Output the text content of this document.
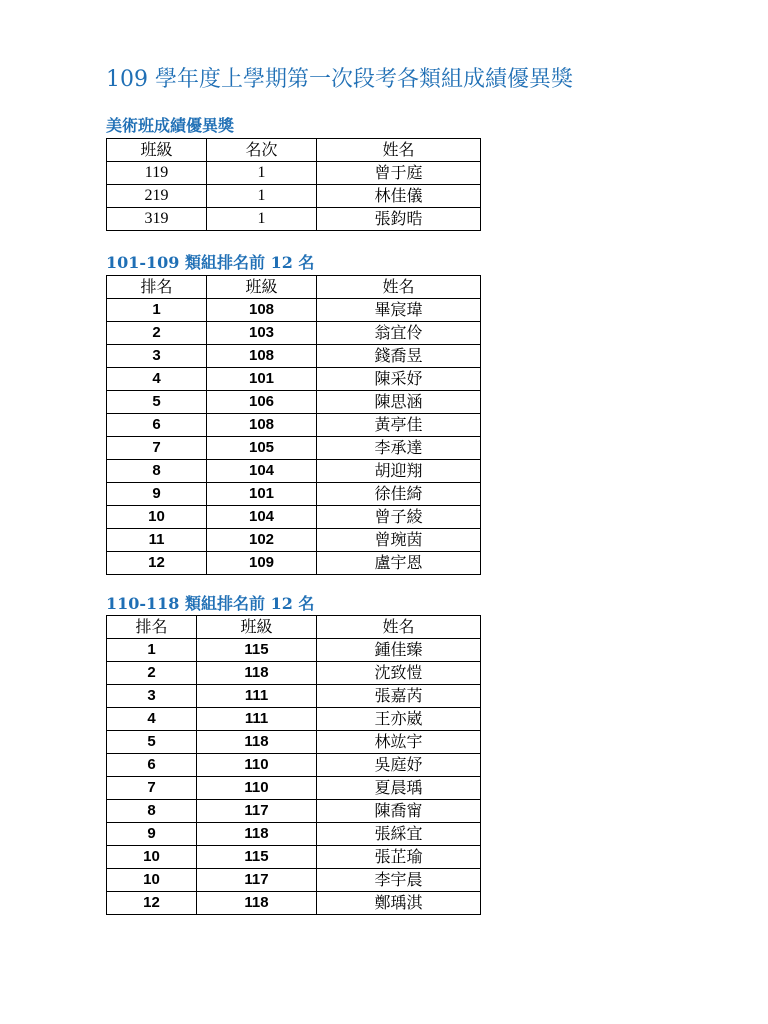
109 學年度上學期第一次段考各類組成績優異獎
美術班成績優異獎
班級	名次	姓名
119	1	曾于庭
219	1	林佳儀
319	1	張鈞晧
101-109 類組排名前 12 名
排名	班級	姓名
1	108	畢宸瑋
2	103	翁宜伶
3	108	錢喬昱
4	101	陳采妤
5	106	陳思涵
6	108	黃亭佳
7	105	李承達
8	104	胡迎翔
9	101	徐佳綺
10	104	曾子綾
11	102	曾琬茵
12	109	盧宇恩
110-118 類組排名前 12 名
排名	班級	姓名
1	115	鍾佳臻
2	118	沈致愷
3	111	張嘉芮
4	111	王亦崴
5	118	林竑宇
6	110	吳庭妤
7	110	夏晨瑀
8	117	陳喬甯
9	118	張綵宜
10	115	張芷瑜
10	117	李宇晨
12	118	鄭瑀淇
